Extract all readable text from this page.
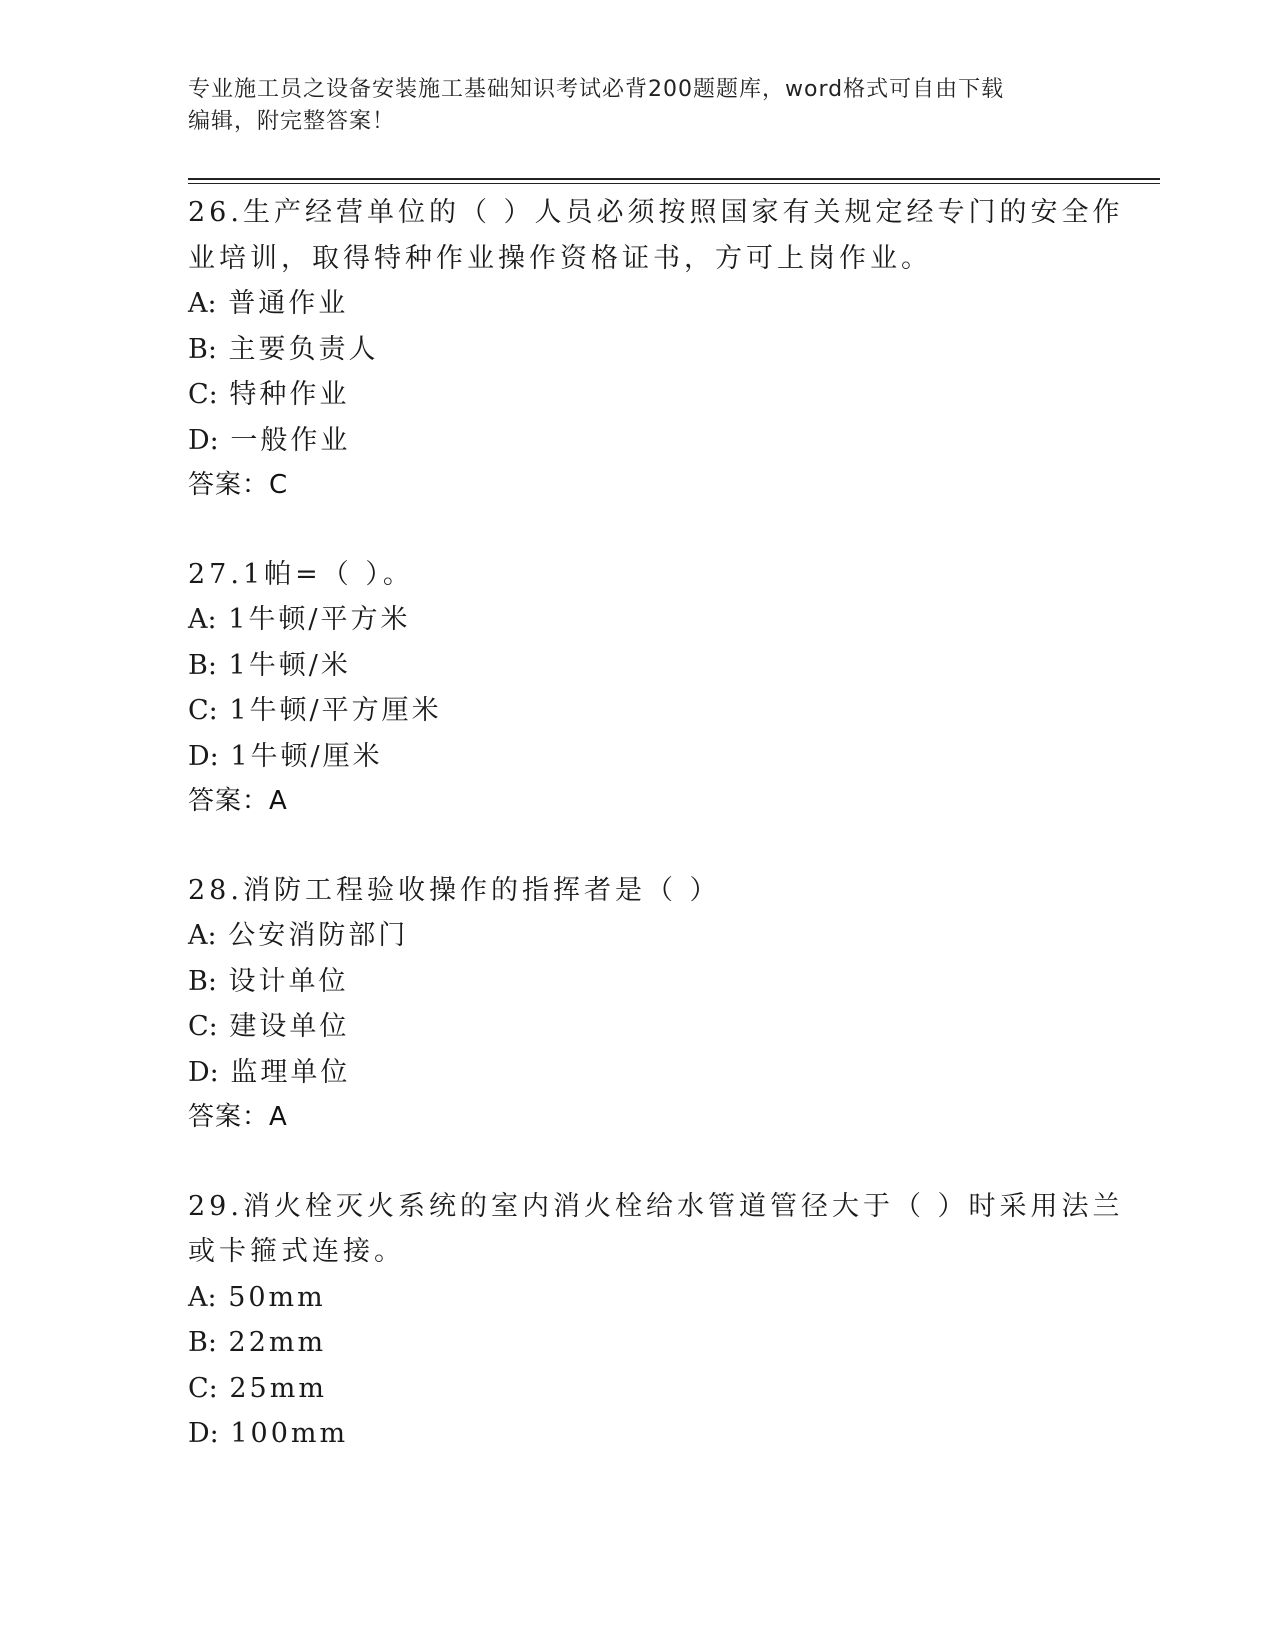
专业施工员之设备安装施工基础知识考试必背200题题库，word格式可自由下载
编辑，附完整答案！
26.生产经营单位的（ ）人员必须按照国家有关规定经专门的安全作
业培训，取得特种作业操作资格证书，方可上岗作业。
A: 普通作业
B: 主要负责人
C: 特种作业
D: 一般作业
答案：C
27.1帕=（ ）。
A: 1牛顿/平方米
B: 1牛顿/米
C: 1牛顿/平方厘米
D: 1牛顿/厘米
答案：A
28.消防工程验收操作的指挥者是（ ）
A: 公安消防部门
B: 设计单位
C: 建设单位
D: 监理单位
答案：A
29.消火栓灭火系统的室内消火栓给水管道管径大于（ ）时采用法兰
或卡箍式连接。
A: 50mm
B: 22mm
C: 25mm
D: 100mm
